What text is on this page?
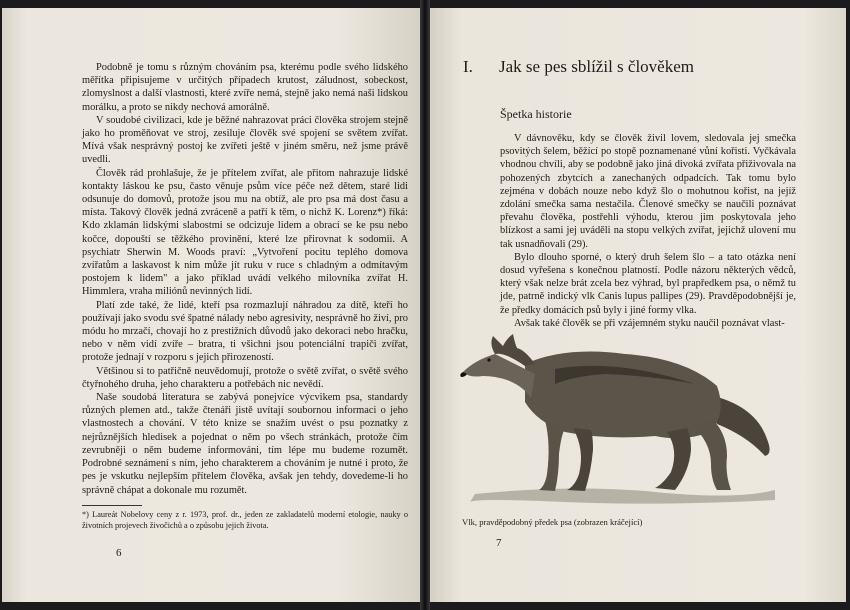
Podobně je tomu s různým chováním psa, kterému podle svého lidského měřítka připisujeme v určitých případech krutost, záludnost, sobeckost, zlomyslnost a další vlastnosti, které zvíře nemá, stejně jako nemá naši lidskou morálku, a proto se nikdy nechová amorálně.

V soudobé civilizaci, kde je běžné nahrazovat práci člověka strojem stejně jako ho proměňovat ve stroj, zesiluje člověk své spojení se světem zvířat. Mívá však nesprávný postoj ke zvířeti ještě v jiném směru, než jsme právě uvedli.

Člověk rád prohlašuje, že je přítelem zvířat, ale přitom nahrazuje lidské kontakty láskou ke psu, často věnuje psům více péče než dětem, staré lidi odsunuje do domovů, protože jsou mu na obtíž, ale pro psa má dost času a místa. Takový člověk jedná zvráceně a patří k těm, o nichž K. Lorenz*) říká: Kdo zklamán lidskými slabostmi se odcizuje lidem a obrací se ke psu nebo kočce, dopouští se těžkého provinění, které lze přirovnat k sodomii. A psychiatr Sherwin M. Woods praví: „Vytvoření pocitu teplého domova zvířatům a laskavost k nim může jít ruku v ruce s chladným a odmítavým postojem k lidem" a jako příklad uvádí velkého milovníka zvířat H. Himmlera, vraha miliónů nevinných lidí.

Platí zde také, že lidé, kteří psa rozmazlují náhradou za dítě, kteří ho používají jako svodu své špatné nálady nebo agresivity, nesprávně ho živí, pro módu ho mrzačí, chovají ho z prestižních důvodů jako dekoraci nebo hračku, nebo v něm vidí zvíře – bratra, ti všichni jsou potenciální trapiči zvířat, protože jednají v rozporu s jejich přirozeností.

Většinou si to patřičně neuvědomují, protože o světě zvířat, o světě svého čtyřnohého druha, jeho charakteru a potřebách nic nevědí.

Naše soudobá literatura se zabývá ponejvíce výcvikem psa, standardy různých plemen atd., takže čtenáři jistě uvítají soubornou informaci o jeho vlastnostech a chování. V této knize se snažím uvést o psu poznatky z nejrůznějších hledisek a pojednat o něm po všech stránkách, protože čím zevrubněji o něm budeme informováni, tím lépe mu budeme rozumět. Podrobné seznámení s ním, jeho charakterem a chováním je nutné i proto, že pes je vskutku nejlepším přítelem člověka, avšak jen tehdy, dovedeme-li ho správně chápat a dokonale mu rozumět.

*) Laureát Nobelovy ceny z r. 1973, prof. dr., jeden ze zakladatelů moderní etologie, nauky o životních projevech živočichů a o způsobu jejich života.
6
I. Jak se pes sblížil s člověkem
Špetka historie

V dávnověku, kdy se člověk živil lovem, sledovala jej smečka psovitých šelem, běžící po stopě poznamenané vůní kořisti. Vyčkávala vhodnou chvíli, aby se podobně jako jiná divoká zvířata přiživovala na pohozených zbytcích a zanechaných odpadcích. Tak tomu bylo zejména v dobách nouze nebo když šlo o mohutnou kořist, na jejíž zdolání smečka sama nestačila. Členové smečky se naučili poznávat převahu člověka, postřehli výhodu, kterou jim poskytovala jeho blízkost a sami jej uváděli na stopu velkých zvířat, jejichž ulovení mu tak usnadňovali (29).

Bylo dlouho sporné, o který druh šelem šlo – a tato otázka není dosud vyřešena s konečnou platností. Podle názoru některých vědců, který však nelze brát zcela bez výhrad, byl prapředkem psa, o němž tu jde, patrně indický vlk Canis lupus pallipes (29). Pravděpodobnější je, že předky domácích psů byly i jiné formy vlka.

Avšak také člověk se při vzájemném styku naučil poznávat vlast-

Vlk, pravděpodobný předek psa (zobrazen kráčející)
7
